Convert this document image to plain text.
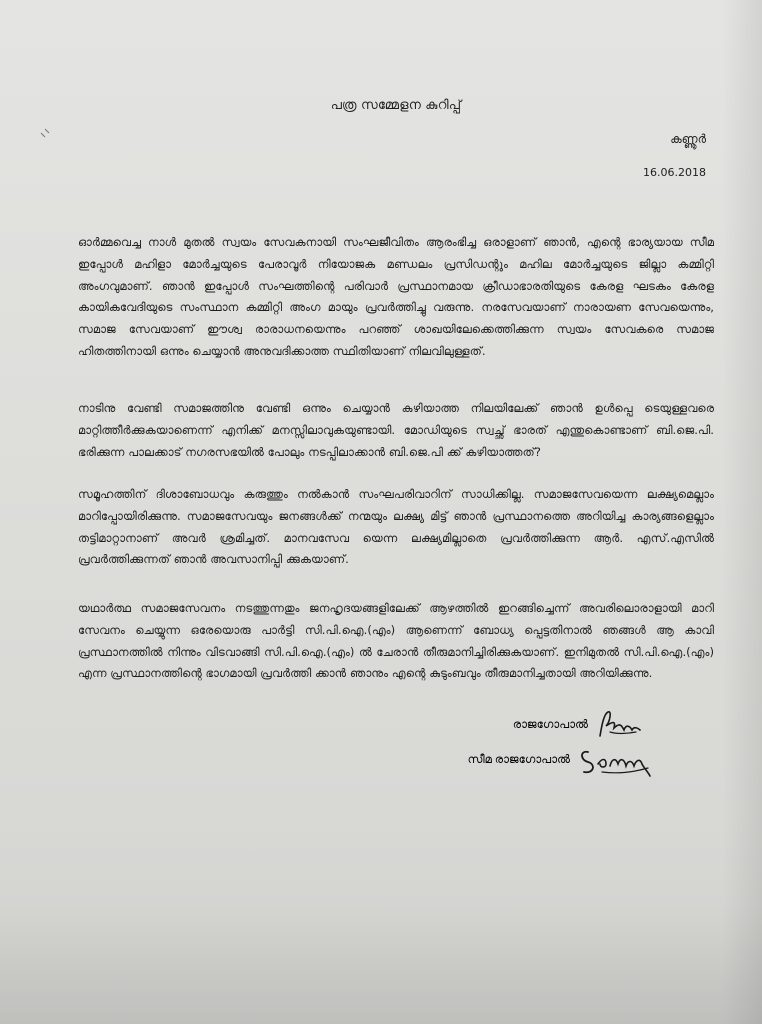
പത്ര സമ്മേളന കുറിപ്പ്
കണ്ണൂർ
16.06.2018

ഓർമ്മവെച്ച നാൾ മുതൽ സ്വയം സേവകനായി സംഘജീവിതം ആരംഭിച്ച ഒരാളാണ് ഞാൻ, എന്റെ ഭാര്യയായ സീമ ഇപ്പോൾ മഹിളാ മോർച്ചയുടെ പേരാവൂർ നിയോജക മണ്ഡലം പ്രസിഡന്റും മഹില മോർച്ചയുടെ ജില്ലാ കമ്മിറ്റി അംഗവുമാണ്. ഞാൻ ഇപ്പോൾ സംഘത്തിന്റെ പരിവാർ പ്രസ്ഥാനമായ ക്രീഡാഭാരതിയുടെ കേരള ഘടകം കേരള കായികവേദിയുടെ സംസ്ഥാന കമ്മിറ്റി അംഗ മായും പ്രവർത്തിച്ചു വരുന്നു. നരസേവയാണ് നാരായണ സേവയെന്നും, സമാജ സേവയാണ് ഈശ്വ രാരാധനയെന്നും പറഞ്ഞ് ശാഖയിലേക്കെത്തിക്കുന്ന സ്വയം സേവകരെ സമാജ ഹിതത്തിനായി ഒന്നും ചെയ്യാൻ അനുവദിക്കാത്ത സ്ഥിതിയാണ് നിലവിലുള്ളത്.

നാടിനു വേണ്ടി സമാജത്തിനു വേണ്ടി ഒന്നും ചെയ്യാൻ കഴിയാത്ത നിലയിലേക്ക് ഞാൻ ഉൾപ്പെ ടെയുള്ളവരെ മാറ്റിത്തീർക്കുകയാണെന്ന് എനിക്ക് മനസ്സിലാവുകയുണ്ടായി. മോഡിയുടെ സ്വച്ഛ് ഭാരത് എന്തുകൊണ്ടാണ് ബി.ജെ.പി. ഭരിക്കുന്ന പാലക്കാട് നഗരസഭയിൽ പോലും നടപ്പിലാക്കാൻ ബി.ജെ.പി ക്ക് കഴിയാത്തത്?

സമൂഹത്തിന് ദിശാബോധവും കരുത്തും നൽകാൻ സംഘപരിവാറിന് സാധിക്കില്ല. സമാജസേവയെന്ന ലക്ഷ്യമെല്ലാം മാറിപ്പോയിരിക്കുന്നു. സമാജസേവയും ജനങ്ങൾക്ക് നന്മയും ലക്ഷ്യ മിട്ട് ഞാൻ പ്രസ്ഥാനത്തെ അറിയിച്ച കാര്യങ്ങളെല്ലാം തട്ടിമാറ്റാനാണ് അവർ ശ്രമിച്ചത്. മാനവസേവ യെന്ന ലക്ഷ്യമില്ലാതെ പ്രവർത്തിക്കുന്ന ആർ. എസ്.എസിൽ പ്രവർത്തിക്കുന്നത് ഞാൻ അവസാനിപ്പി ക്കുകയാണ്.

യഥാർത്ഥ സമാജസേവനം നടത്തുന്നതും ജനഹൃദയങ്ങളിലേക്ക് ആഴത്തിൽ ഇറങ്ങിച്ചെന്ന് അവരിലൊരാളായി മാറി സേവനം ചെയ്യുന്ന ഒരേയൊരു പാർട്ടി സി.പി.ഐ.(എം) ആണെന്ന് ബോധ്യ പ്പെട്ടതിനാൽ ഞങ്ങൾ ആ കാവി പ്രസ്ഥാനത്തിൽ നിന്നും വിടവാങ്ങി സി.പി.ഐ.(എം) ൽ ചേരാൻ തീരുമാനിച്ചിരിക്കുകയാണ്. ഇനിമുതൽ സി.പി.ഐ.(എം) എന്ന പ്രസ്ഥാനത്തിന്റെ ഭാഗമായി പ്രവർത്തി ക്കാൻ ഞാനും എന്റെ കുടുംബവും തീരുമാനിച്ചതായി അറിയിക്കുന്നു.

രാജഗോപാൽ
സീമ രാജഗോപാൽ
